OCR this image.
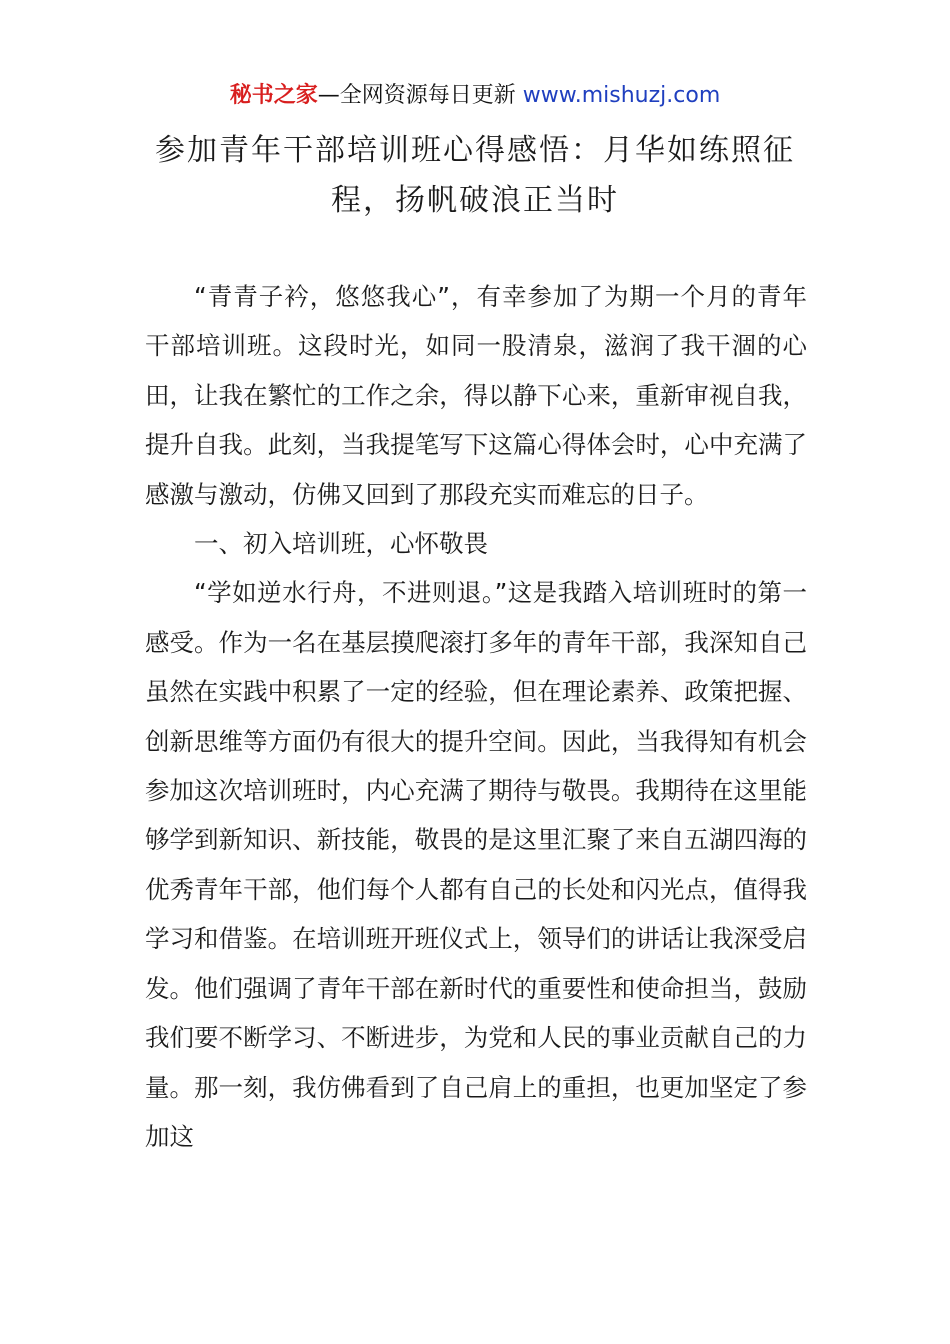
秘书之家—全网资源每日更新 www.mishuzj.com
参加青年干部培训班心得感悟：月华如练照征
程，扬帆破浪正当时

“青青子衿，悠悠我心”，有幸参加了为期一个月的青年干部培训班。这段时光，如同一股清泉，滋润了我干涸的心田，让我在繁忙的工作之余，得以静下心来，重新审视自我，提升自我。此刻，当我提笔写下这篇心得体会时，心中充满了感激与激动，仿佛又回到了那段充实而难忘的日子。

一、初入培训班，心怀敬畏

“学如逆水行舟，不进则退。”这是我踏入培训班时的第一感受。作为一名在基层摸爬滚打多年的青年干部，我深知自己虽然在实践中积累了一定的经验，但在理论素养、政策把握、创新思维等方面仍有很大的提升空间。因此，当我得知有机会参加这次培训班时，内心充满了期待与敬畏。我期待在这里能够学到新知识、新技能，敬畏的是这里汇聚了来自五湖四海的优秀青年干部，他们每个人都有自己的长处和闪光点，值得我学习和借鉴。在培训班开班仪式上，领导们的讲话让我深受启发。他们强调了青年干部在新时代的重要性和使命担当，鼓励我们要不断学习、不断进步，为党和人民的事业贡献自己的力量。那一刻，我仿佛看到了自己肩上的重担，也更加坚定了参加这
